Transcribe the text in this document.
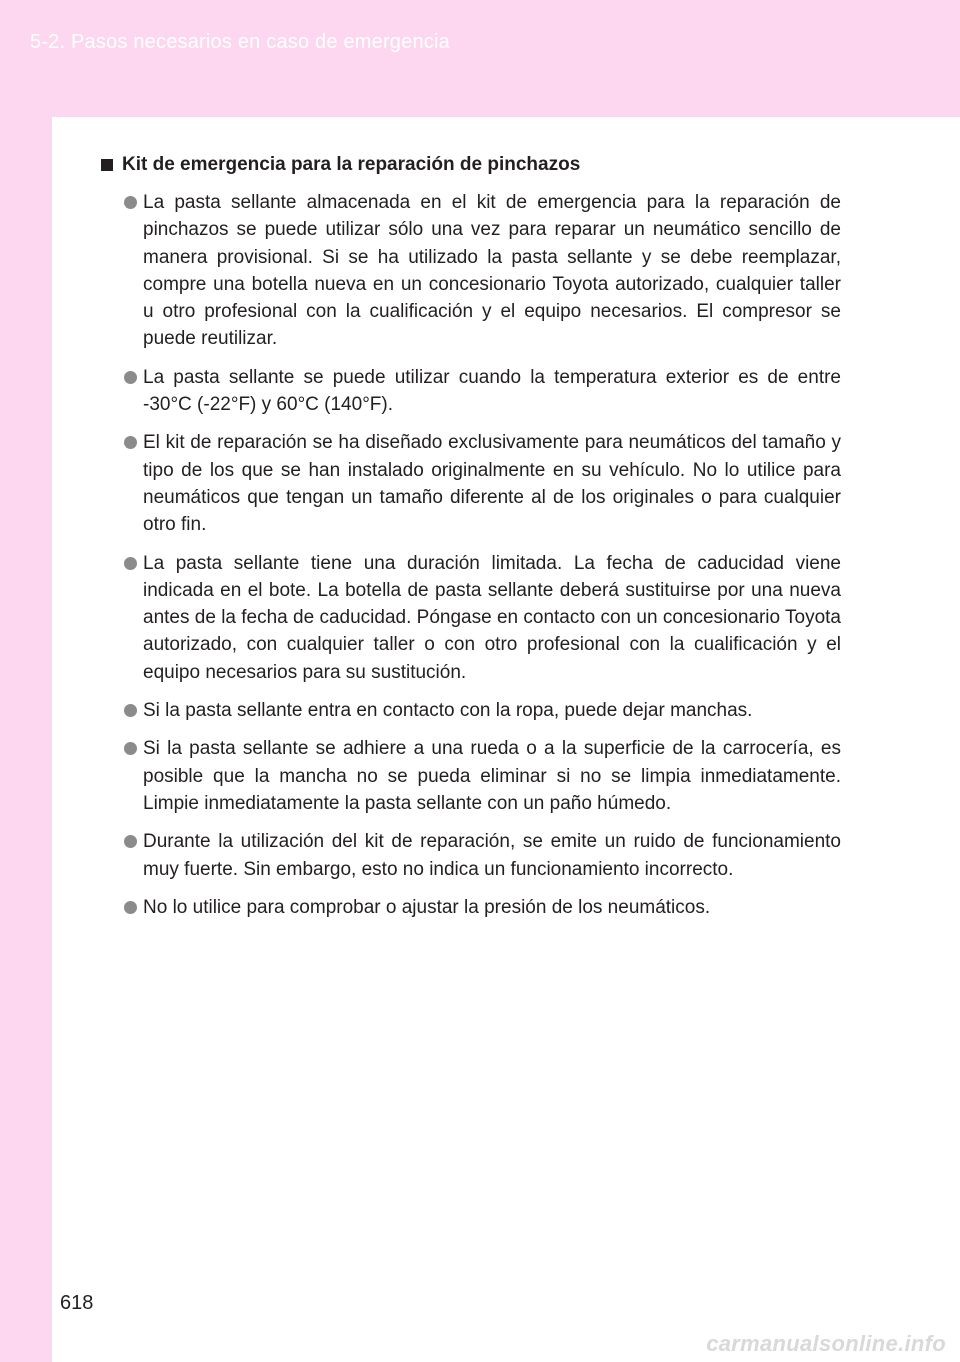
5-2. Pasos necesarios en caso de emergencia
Kit de emergencia para la reparación de pinchazos
La pasta sellante almacenada en el kit de emergencia para la reparación de pinchazos se puede utilizar sólo una vez para reparar un neumático sencillo de manera provisional. Si se ha utilizado la pasta sellante y se debe reemplazar, compre una botella nueva en un concesionario Toyota autorizado, cualquier taller u otro profesional con la cualificación y el equipo necesarios. El compresor se puede reutilizar.
La pasta sellante se puede utilizar cuando la temperatura exterior es de entre -30°C (-22°F) y 60°C (140°F).
El kit de reparación se ha diseñado exclusivamente para neumáticos del tamaño y tipo de los que se han instalado originalmente en su vehículo. No lo utilice para neumáticos que tengan un tamaño diferente al de los originales o para cualquier otro fin.
La pasta sellante tiene una duración limitada. La fecha de caducidad viene indicada en el bote. La botella de pasta sellante deberá sustituirse por una nueva antes de la fecha de caducidad. Póngase en contacto con un concesionario Toyota autorizado, con cualquier taller o con otro profesional con la cualificación y el equipo necesarios para su sustitución.
Si la pasta sellante entra en contacto con la ropa, puede dejar manchas.
Si la pasta sellante se adhiere a una rueda o a la superficie de la carrocería, es posible que la mancha no se pueda eliminar si no se limpia inmediatamente. Limpie inmediatamente la pasta sellante con un paño húmedo.
Durante la utilización del kit de reparación, se emite un ruido de funcionamiento muy fuerte. Sin embargo, esto no indica un funcionamiento incorrecto.
No lo utilice para comprobar o ajustar la presión de los neumáticos.
618
carmanualsonline.info
